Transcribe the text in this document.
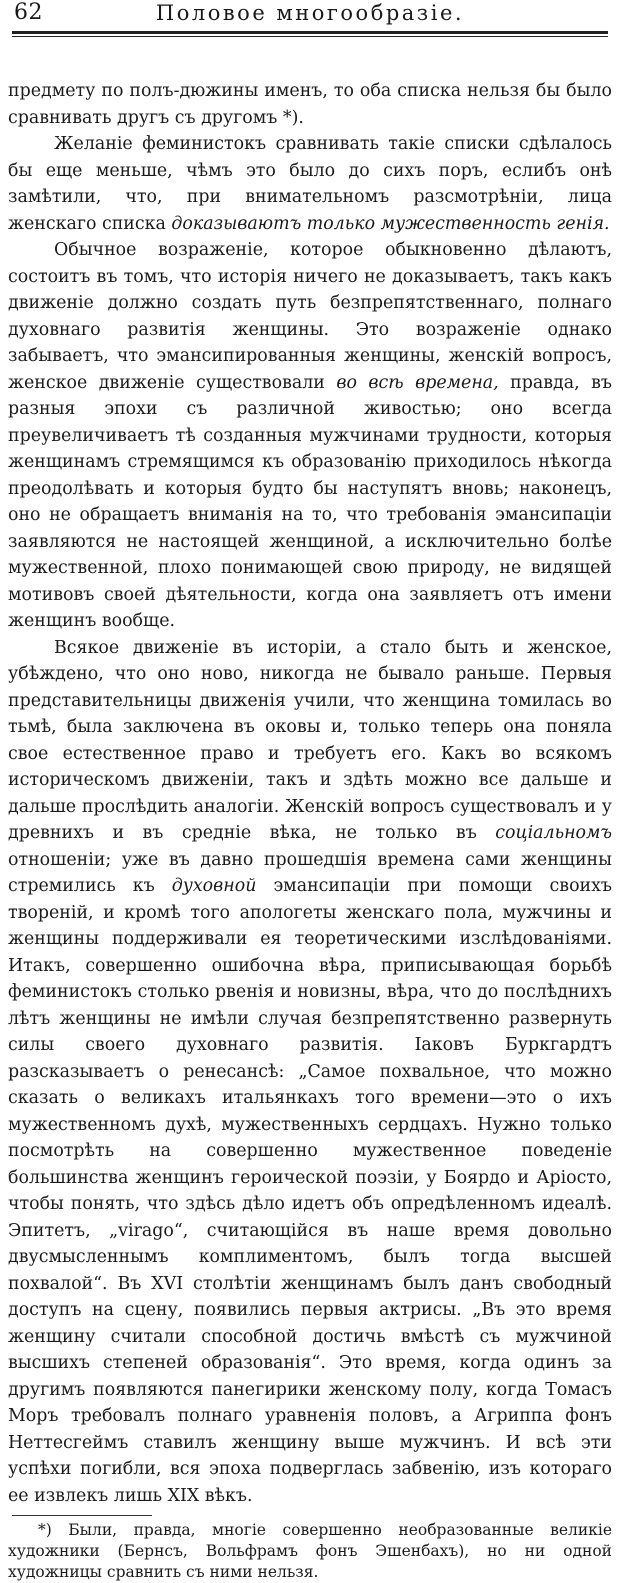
62	Половое многообразіе.

предмету по полъ-дюжины именъ, то оба списка нельзя бы было сравнивать другъ съ другомъ *).

Желаніе феминистокъ сравнивать такіе списки сдѣлалось бы еще меньше, чѣмъ это было до сихъ поръ, еслибъ онѣ замѣтили, что, при внимательномъ разсмотрѣніи, лица женскаго списка доказываютъ только мужественность генія.

Обычное возраженіе, которое обыкновенно дѣлаютъ, состоитъ въ томъ, что исторія ничего не доказываетъ, такъ какъ движеніе должно создать путь безпрепятственнаго, полнаго духовнаго развитія женщины. Это возраженіе однако забываетъ, что эмансипированныя женщины, женскій вопросъ, женское движеніе существовали во всѣ времена, правда, въ разныя эпохи съ различной живостью; оно всегда преувеличиваетъ тѣ созданныя мужчинами трудности, которыя женщинамъ стремящимся къ образованію приходилось нѣкогда преодолѣвать и которыя будто бы наступятъ вновь; наконецъ, оно не обращаетъ вниманія на то, что требованія эмансипаціи заявляются не настоящей женщиной, а исключительно болѣе мужественной, плохо понимающей свою природу, не видящей мотивовъ своей дѣятельности, когда она заявляетъ отъ имени женщинъ вообще.

Всякое движеніе въ исторіи, а стало быть и женское, убѣждено, что оно ново, никогда не бывало раньше. Первыя представительницы движенія учили, что женщина томилась во тьмѣ, была заключена въ оковы и, только теперь она поняла свое естественное право и требуетъ его. Какъ во всякомъ историческомъ движеніи, такъ и здѣть можно все дальше и дальше прослѣдить аналогіи. Женскій вопросъ существовалъ и у древнихъ и въ средніе вѣка, не только въ соціальномъ отношеніи; уже въ давно прошедшія времена сами женщины стремились къ духовной эмансипаціи при помощи своихъ твореній, и кромѣ того апологеты женскаго пола, мужчины и женщины поддерживали ея теоретическими изслѣдованіями. Итакъ, совершенно ошибочна вѣра, приписывающая борьбѣ феминистокъ столько рвенія и новизны, вѣра, что до послѣднихъ лѣтъ женщины не имѣли случая безпрепятственно развернуть силы своего духовнаго развитія. Іаковъ Буркгардтъ разсказываетъ о ренесансѣ: „Самое похвальное, что можно сказать о великахъ итальянкахъ того времени—это о ихъ мужественномъ духѣ, мужественныхъ сердцахъ. Нужно только посмотрѣть на совершенно мужественное поведеніе большинства женщинъ героической поэзіи, у Боярдо и Аріосто, чтобы понять, что здѣсь дѣло идетъ объ опредѣленномъ идеалѣ. Эпитетъ, „virago“, считающійся въ наше время довольно двусмысленнымъ комплиментомъ, былъ тогда высшей похвалой“. Въ XVI столѣтіи женщинамъ былъ данъ свободный доступъ на сцену, появились первыя актрисы. „Въ это время женщину считали способной достичь вмѣстѣ съ мужчиной высшихъ степеней образованія“. Это время, когда одинъ за другимъ появляются панегирики женскому полу, когда Томасъ Моръ требовалъ полнаго уравненія половъ, а Агриппа фонъ Неттесгеймъ ставилъ женщину выше мужчинъ. И всѣ эти успѣхи погибли, вся эпоха подверглась забвенію, изъ котораго ее извлекъ лишь XIX вѣкъ.

*) Были, правда, многіе совершенно необразованные великіе художники (Бернсъ, Вольфрамъ фонъ Эшенбахъ), но ни одной художницы сравнить съ ними нельзя.
